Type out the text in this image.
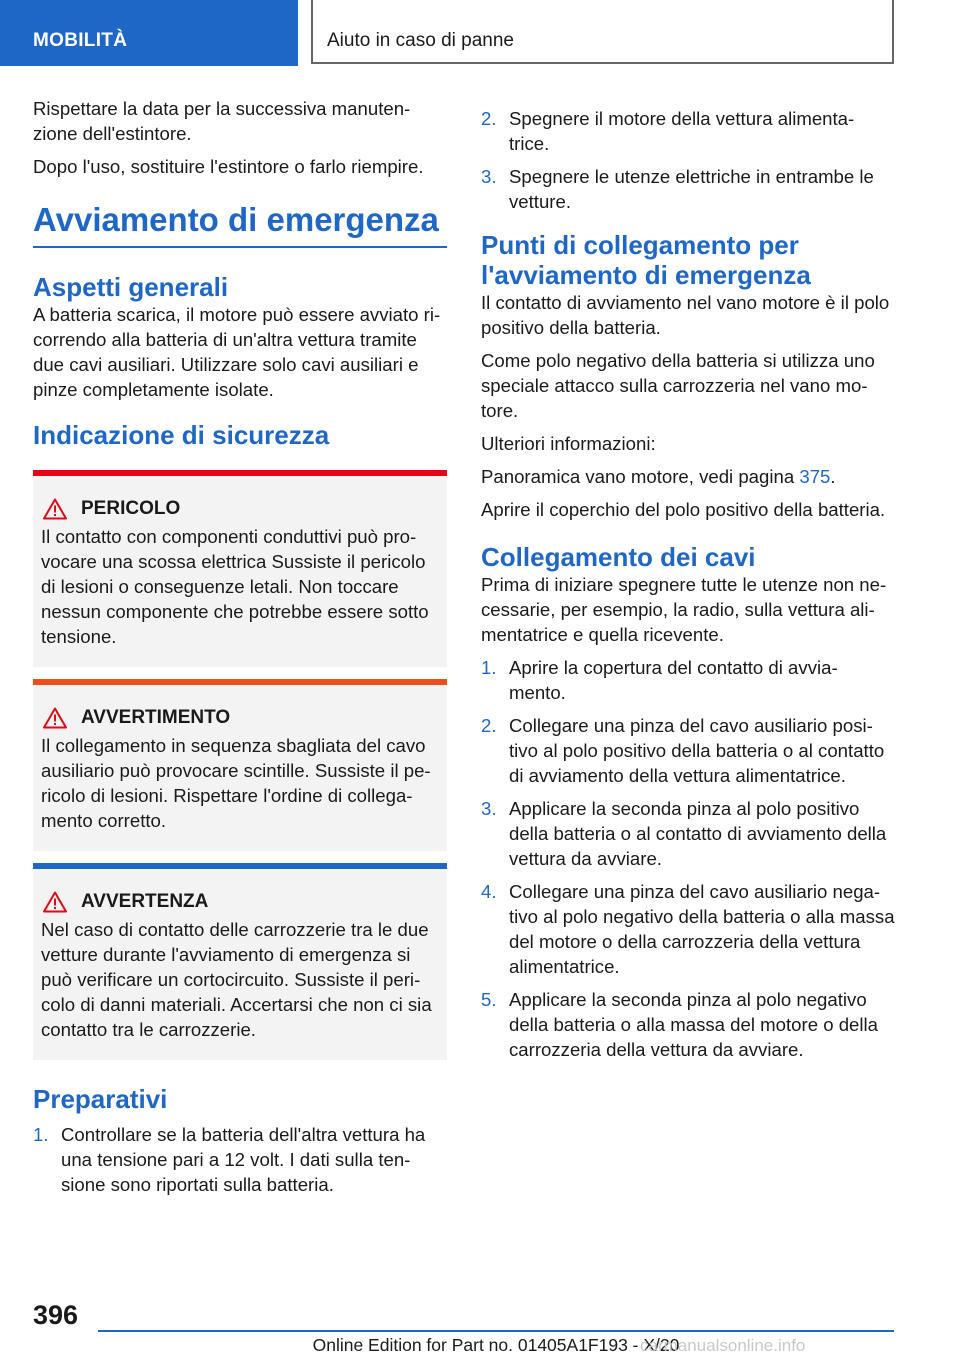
MOBILITÀ	Aiuto in caso di panne

Rispettare la data per la successiva manuten‐ zione dell'estintore.

Dopo l'uso, sostituire l'estintore o farlo riempire.

Avviamento di emergenza
Aspetti generali

A batteria scarica, il motore può essere avviato ri‐ correndo alla batteria di un'altra vettura tramite due cavi ausiliari. Utilizzare solo cavi ausiliari e pinze completamente isolate.

Indicazione di sicurezza
PERICOLO

Il contatto con componenti conduttivi può pro‐ vocare una scossa elettrica Sussiste il pericolo di lesioni o conseguenze letali. Non toccare nessun componente che potrebbe essere sotto tensione.

AVVERTIMENTO

Il collegamento in sequenza sbagliata del cavo ausiliario può provocare scintille. Sussiste il pe‐ ricolo di lesioni. Rispettare l'ordine di collega‐ mento corretto.

AVVERTENZA

Nel caso di contatto delle carrozzerie tra le due vetture durante l'avviamento di emergenza si può verificare un cortocircuito. Sussiste il peri‐ colo di danni materiali. Accertarsi che non ci sia contatto tra le carrozzerie.

Preparativi
1. Controllare se la batteria dell'altra vettura ha una tensione pari a 12 volt. I dati sulla ten‐ sione sono riportati sulla batteria.
2. Spegnere il motore della vettura alimenta‐ trice.
3. Spegnere le utenze elettriche in entrambe le vetture.
Punti di collegamento per l'avviamento di emergenza

Il contatto di avviamento nel vano motore è il polo positivo della batteria.

Come polo negativo della batteria si utilizza uno speciale attacco sulla carrozzeria nel vano mo‐ tore.

Ulteriori informazioni:

Panoramica vano motore, vedi pagina 375.

Aprire il coperchio del polo positivo della batteria.

Collegamento dei cavi

Prima di iniziare spegnere tutte le utenze non ne‐ cessarie, per esempio, la radio, sulla vettura ali‐ mentatrice e quella ricevente.

1. Aprire la copertura del contatto di avvia‐ mento.
2. Collegare una pinza del cavo ausiliario posi‐ tivo al polo positivo della batteria o al contatto di avviamento della vettura alimentatrice.
3. Applicare la seconda pinza al polo positivo della batteria o al contatto di avviamento della vettura da avviare.
4. Collegare una pinza del cavo ausiliario nega‐ tivo al polo negativo della batteria o alla massa del motore o della carrozzeria della vettura alimentatrice.
5. Applicare la seconda pinza al polo negativo della batteria o alla massa del motore o della carrozzeria della vettura da avviare.
396
Online Edition for Part no. 01405A1F193 - X/20
carmanualsonline.info
